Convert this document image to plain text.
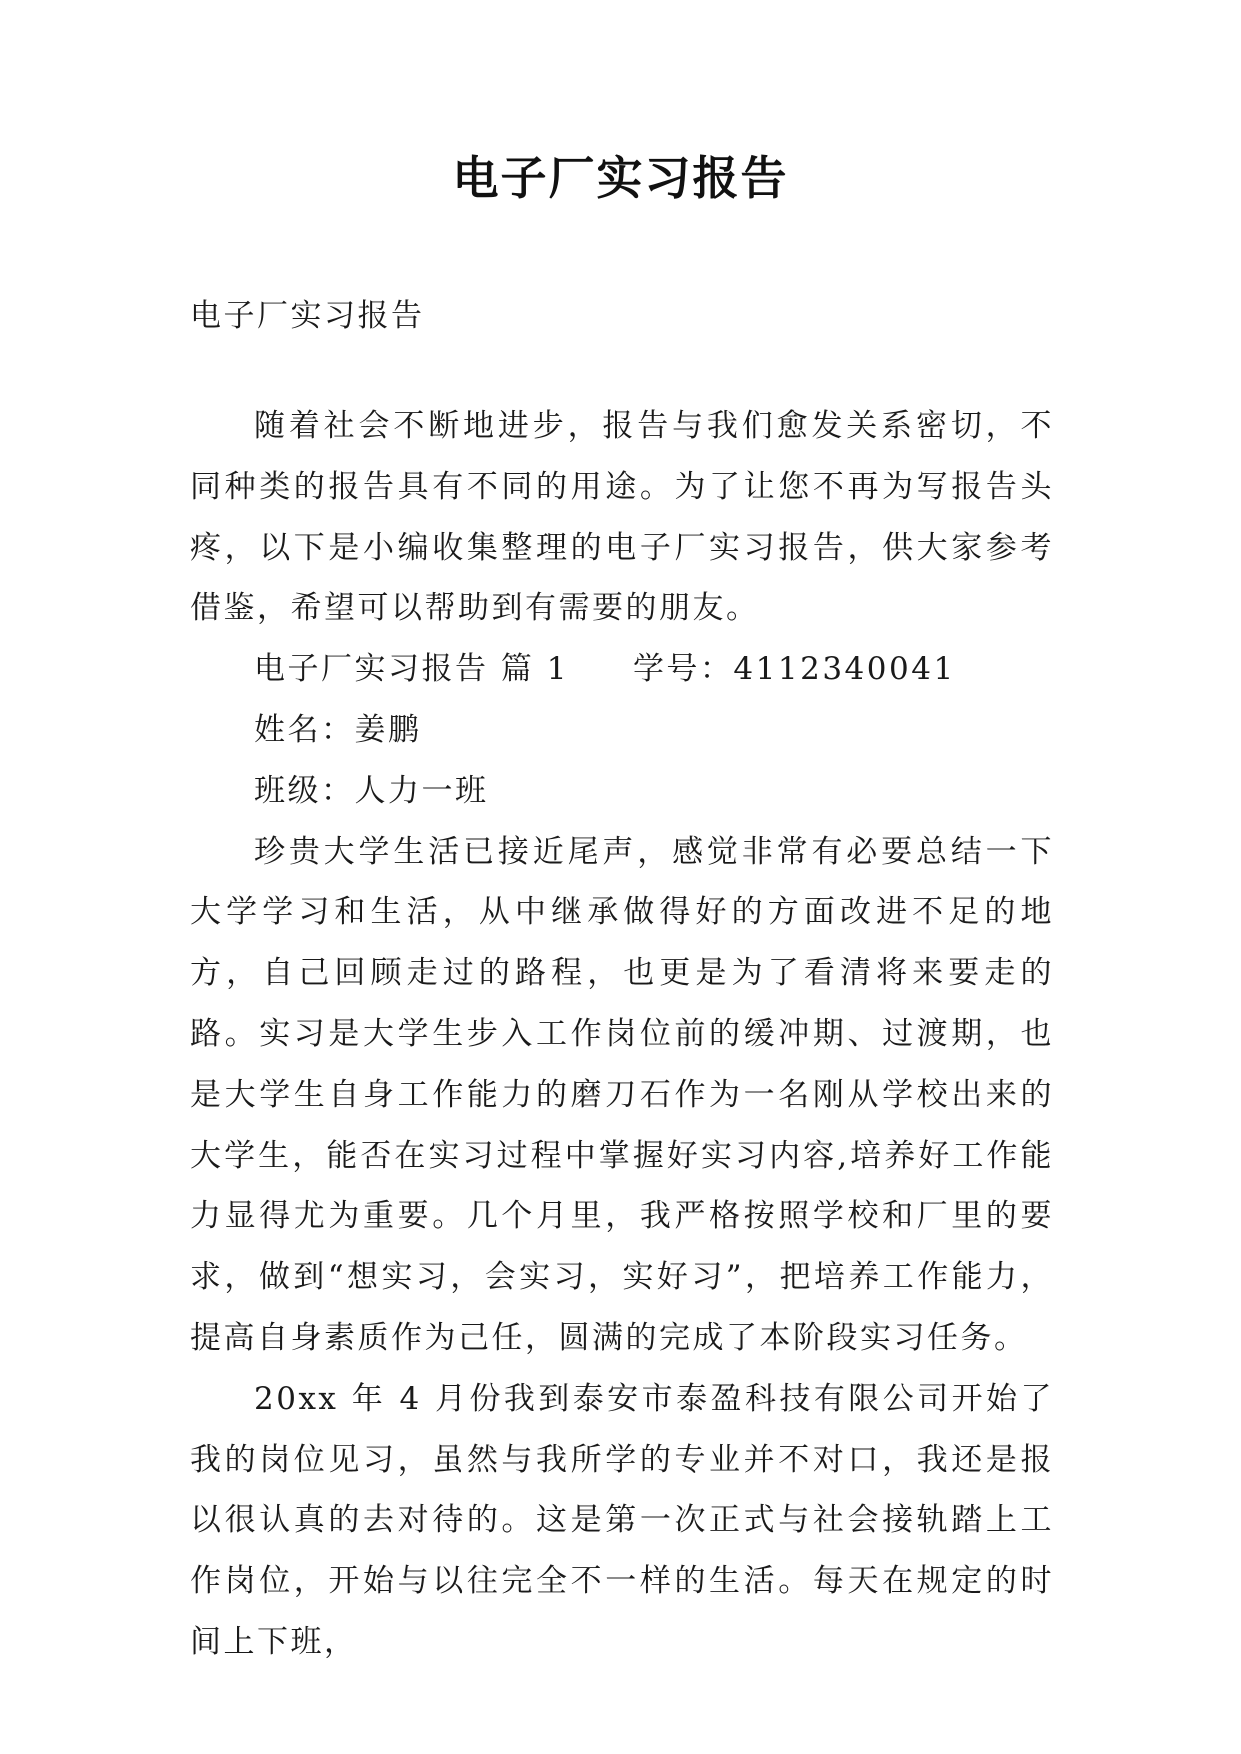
电子厂实习报告
电子厂实习报告

随着社会不断地进步，报告与我们愈发关系密切，不同种类的报告具有不同的用途。为了让您不再为写报告头疼，以下是小编收集整理的电子厂实习报告，供大家参考借鉴，希望可以帮助到有需要的朋友。

电子厂实习报告 篇 1 学号：4112340041

姓名：姜鹏

班级：人力一班

珍贵大学生活已接近尾声，感觉非常有必要总结一下大学学习和生活，从中继承做得好的方面改进不足的地方，自己回顾走过的路程，也更是为了看清将来要走的路。实习是大学生步入工作岗位前的缓冲期、过渡期，也是大学生自身工作能力的磨刀石作为一名刚从学校出来的大学生，能否在实习过程中掌握好实习内容,培养好工作能力显得尤为重要。几个月里，我严格按照学校和厂里的要求，做到“想实习，会实习，实好习”，把培养工作能力，提高自身素质作为己任，圆满的完成了本阶段实习任务。

20xx 年 4 月份我到泰安市泰盈科技有限公司开始了我的岗位见习，虽然与我所学的专业并不对口，我还是报以很认真的去对待的。这是第一次正式与社会接轨踏上工作岗位，开始与以往完全不一样的生活。每天在规定的时间上下班，
